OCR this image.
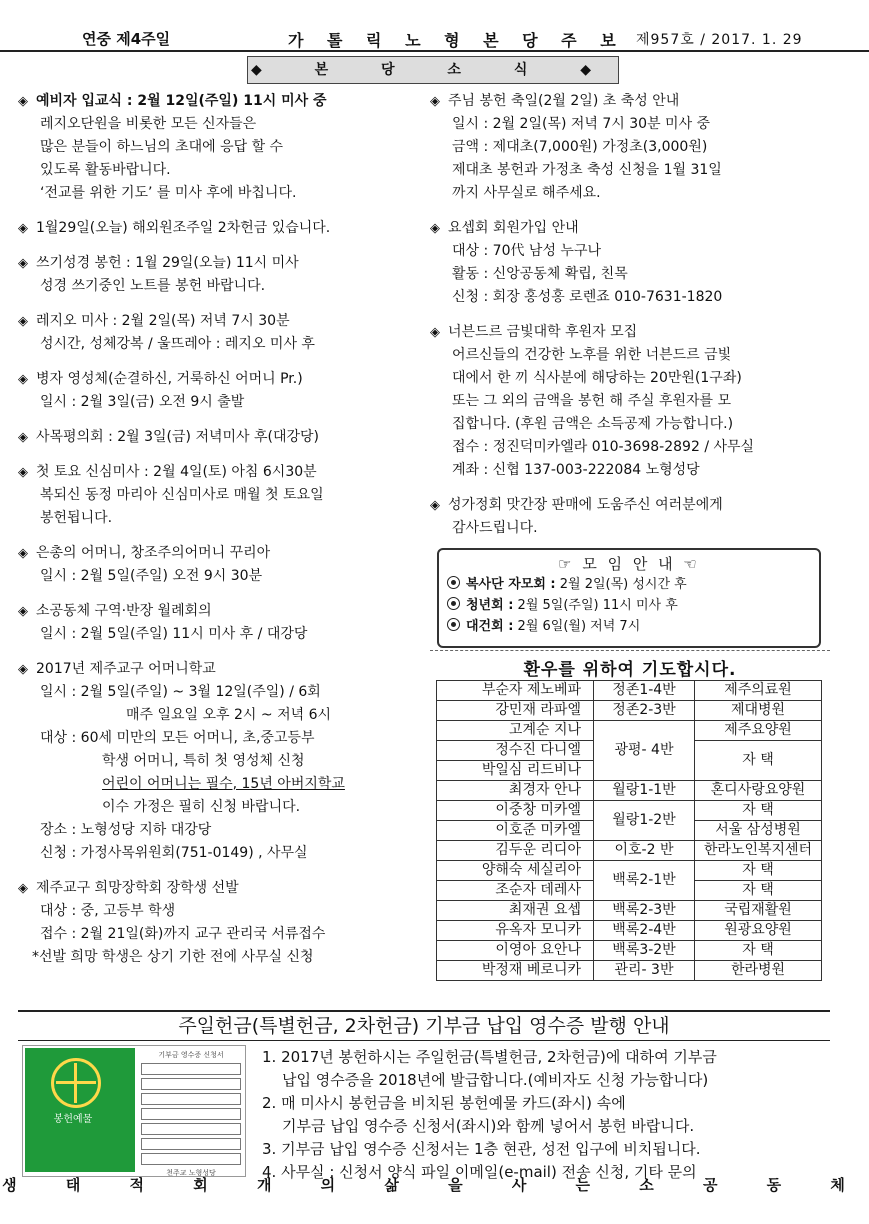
연중 제4주일	가 톨 릭 노 형 본 당 주 보 제957호 / 2017. 1. 29
◆ 본 당 소 식 ◆
◈ 예비자 입교식 : 2월 12일(주일) 11시 미사 중
레지오단원을 비롯한 모든 신자들은
많은 분들이 하느님의 초대에 응답 할 수
있도록 활동바랍니다.
‘전교를 위한 기도’ 를 미사 후에 바칩니다.
◈ 1월29일(오늘) 해외원조주일 2차헌금 있습니다.
◈ 쓰기성경 봉헌 : 1월 29일(오늘) 11시 미사
성경 쓰기중인 노트를 봉헌 바랍니다.
◈ 레지오 미사 : 2월 2일(목) 저녁 7시 30분
성시간, 성체강복 / 울뜨레아 : 레지오 미사 후
◈ 병자 영성체(순결하신, 거룩하신 어머니 Pr.)
일시 : 2월 3일(금) 오전 9시 출발
◈ 사목평의회 : 2월 3일(금) 저녁미사 후(대강당)
◈ 첫 토요 신심미사 : 2월 4일(토) 아침 6시30분
복되신 동정 마리아 신심미사로 매월 첫 토요일
봉헌됩니다.
◈ 은총의 어머니, 창조주의어머니 꾸리아
일시 : 2월 5일(주일) 오전 9시 30분
◈ 소공동체 구역·반장 월례회의
일시 : 2월 5일(주일) 11시 미사 후 / 대강당
◈ 2017년 제주교구 어머니학교
일시 : 2월 5일(주일) ~ 3월 12일(주일) / 6회
매주 일요일 오후 2시 ~ 저녁 6시
대상 : 60세 미만의 모든 어머니, 초,중고등부
학생 어머니, 특히 첫 영성체 신청
어린이 어머니는 필수, 15년 아버지학교
이수 가정은 필히 신청 바랍니다.
장소 : 노형성당 지하 대강당
신청 : 가정사목위원회(751-0149) , 사무실
◈ 제주교구 희망장학회 장학생 선발
대상 : 중, 고등부 학생
접수 : 2월 21일(화)까지 교구 관리국 서류접수
*선발 희망 학생은 상기 기한 전에 사무실 신청
◈ 주님 봉헌 축일(2월 2일) 초 축성 안내
일시 : 2월 2일(목) 저녁 7시 30분 미사 중
금액 : 제대초(7,000원) 가정초(3,000원)
제대초 봉헌과 가정초 축성 신청을 1월 31일
까지 사무실로 해주세요.
◈ 요셉회 회원가입 안내
대상 : 70代 남성 누구나
활동 : 신앙공동체 확립, 친목
신청 : 회장 홍성홍 로렌죠 010-7631-1820
◈ 너븐드르 금빛대학 후원자 모집
어르신들의 건강한 노후를 위한 너븐드르 금빛
대에서 한 끼 식사분에 해당하는 20만원(1구좌)
또는 그 외의 금액을 봉헌 해 주실 후원자를 모
집합니다. (후원 금액은 소득공제 가능합니다.)
접수 : 정진덕미카엘라 010-3698-2892 / 사무실
계좌 : 신협 137-003-222084 노형성당
◈ 성가정회 맛간장 판매에 도움주신 여러분에게
감사드립니다.
☞ 모 임 안 내 ☜
복사단 자모회 : 2월 2일(목) 성시간 후
청년회 : 2월 5일(주일) 11시 미사 후
대건회 : 2월 6일(월) 저녁 7시
환우를 위하여 기도합시다.
부순자 제노베파	정존1-4반	제주의료원
강민재 라파엘	정존2-3반	제대병원
고계순 지나	광평- 4반	제주요양원
정수진 다니엘		자 택
박일심 리드비나		
최경자 안나	월랑1-1반	혼디사랑요양원
이중창 미카엘	월랑1-2반	자 택
이호준 미카엘		서울 삼성병원
김두운 리디아	이호-2 반	한라노인복지센터
양해숙 세실리아	백록2-1반	자 택
조순자 데레사		자 택
최재권 요셉	백록2-3반	국립재활원
유옥자 모니카	백록2-4반	원광요양원
이영아 요안나	백록3-2반	자 택
박정재 베로니카	관리- 3반	한라병원
주일헌금(특별헌금, 2차헌금) 기부금 납입 영수증 발행 안내
봉헌예물
기부금 영수증 신청서
천주교 노형성당
1. 2017년 봉헌하시는 주일헌금(특별헌금, 2차헌금)에 대하여 기부금
납입 영수증을 2018년에 발급합니다.(예비자도 신청 가능합니다)
2. 매 미사시 봉헌금을 비치된 봉헌예물 카드(좌시) 속에
기부금 납입 영수증 신청서(좌시)와 함께 넣어서 봉헌 바랍니다.
3. 기부금 납입 영수증 신청서는 1층 현관, 성전 입구에 비치됩니다.
4. 사무실 : 신청서 양식 파일 이메일(e-mail) 전송 신청, 기타 문의
생 태 적 회 개 의 삶 을 사 는 소 공 동 체
